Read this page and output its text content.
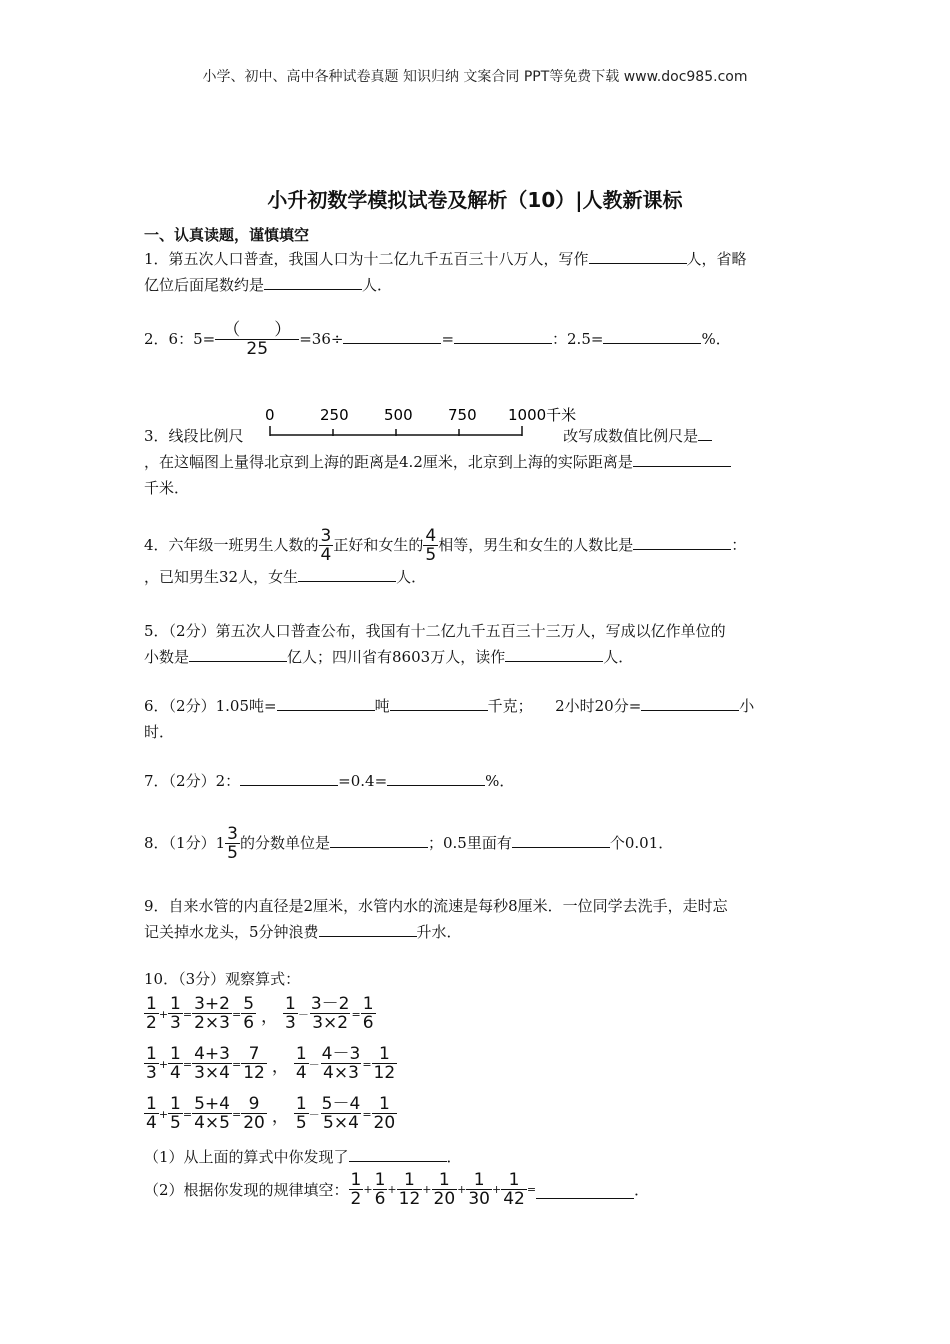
小学、初中、高中各种试卷真题 知识归纳 文案合同 PPT等免费下载 www.doc985.com
小升初数学模拟试卷及解析（10）|人教新课标
一、认真读题，谨慎填空
1．第五次人口普查，我国人口为十二亿九千五百三十八万人，写作	人，省略
亿位后面尾数约是	人．
2．6：$5= \frac{( )}{25} =36\div$	=	：2.5=	%．
3．线段比例尺	改写成数值比例尺是
，在这幅图上量得北京到上海的距离是4.2厘米，北京到上海的实际距离是
千米．
0	250 500 750 1000千米
4．六年级一班男生人数的 $\frac{3}{4}$ 正好和女生的 $\frac{4}{5}$ 相等，男生和女生的人数比是	：
，已知男生32人，女生	人．
5．（2分）第五次人口普查公布，我国有十二亿九千五百三十三万人，写成以亿作单位的
小数是	亿人；四川省有8603万人，读作	人．
6．（2分）1.05吨=	吨	千克；　　2小时20分=	小
时．
7．（2分）2：	=0.4=	%．
8．（1分）$1 \frac{3}{5}$ 的分数单位是	；0.5里面有	个0.01．
9．自来水管的内直径是2厘米，水管内水的流速是每秒8厘米．一位同学去洗手，走时忘
记关掉水龙头，5分钟浪费	升水．
10．（3分）观察算式：
$\frac{1}{2} + \frac{1}{3} = \frac{3+2}{2\times 3} = \frac{5}{6}$ ， $\frac{1}{3} - \frac{3-2}{3\times 2} = \frac{1}{6}$
$\frac{1}{3} + \frac{1}{4} = \frac{4+3}{3\times 4} = \frac{7}{12}$ ， $\frac{1}{4} - \frac{4-3}{4\times 3} = \frac{1}{12}$
$\frac{1}{4} + \frac{1}{5} = \frac{5+4}{4\times 5} = \frac{9}{20}$ ， $\frac{1}{5} - \frac{5-4}{5\times 4} = \frac{1}{20}$
（1）从上面的算式中你发现了	．
（2）根据你发现的规律填空： $\frac{1}{2} + \frac{1}{6} + \frac{1}{12} + \frac{1}{20} + \frac{1}{30} + \frac{1}{42}$ =	．
